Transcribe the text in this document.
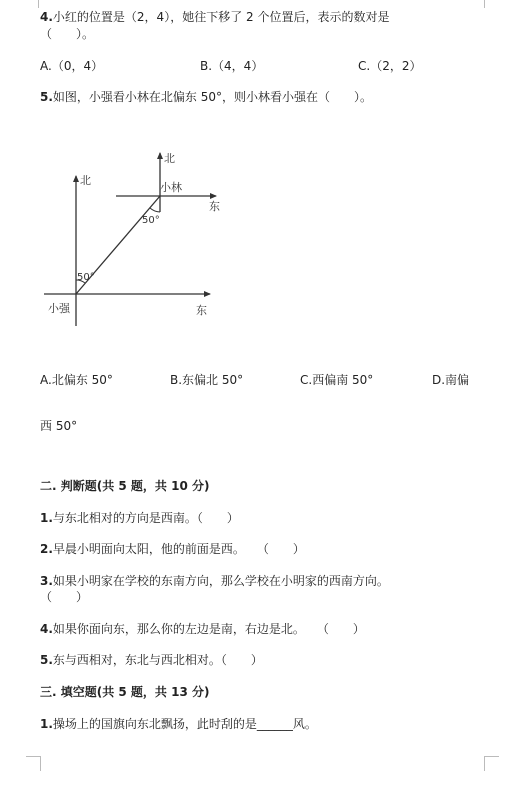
4.小红的位置是（2，4），她往下移了 2 个位置后，表示的数对是
（　　）。
A.（0，4）	B.（4，4）	C.（2，2）
5.如图，小强看小林在北偏东 50°，则小林看小强在（　　）。
北
东
北
东
小林
小强
50°
50°
A.北偏东 50°	B.东偏北 50°	C.西偏南 50°	D.南偏
西 50°
二. 判断题(共 5 题，共 10 分)
1.与东北相对的方向是西南。（　　）
2.早晨小明面向太阳，他的前面是西。　　（　　）
3.如果小明家在学校的东南方向，那么学校在小明家的西南方向。
（　　）
4.如果你面向东，那么你的左边是南，右边是北。　　（　　）
5.东与西相对，东北与西北相对。（　　）
三. 填空题(共 5 题，共 13 分)
1.操场上的国旗向东北飘扬，此时刮的是______风。
